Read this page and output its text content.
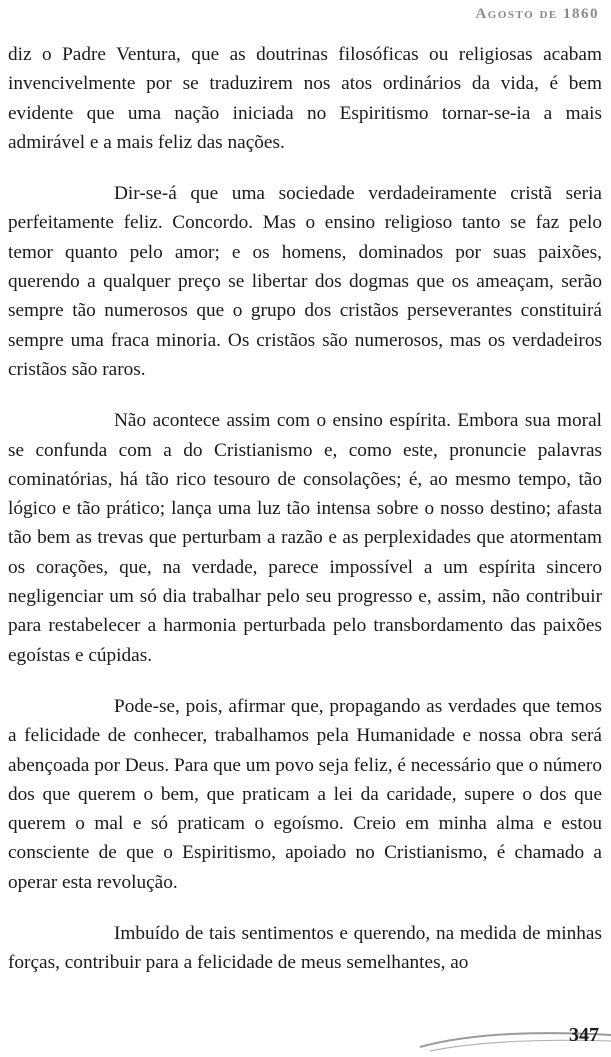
Agosto de 1860

diz o Padre Ventura, que as doutrinas filosóficas ou religiosas acabam invencivelmente por se traduzirem nos atos ordinários da vida, é bem evidente que uma nação iniciada no Espiritismo tornar-se-ia a mais admirável e a mais feliz das nações.

Dir-se-á que uma sociedade verdadeiramente cristã seria perfeitamente feliz. Concordo. Mas o ensino religioso tanto se faz pelo temor quanto pelo amor; e os homens, dominados por suas paixões, querendo a qualquer preço se libertar dos dogmas que os ameaçam, serão sempre tão numerosos que o grupo dos cristãos perseverantes constituirá sempre uma fraca minoria. Os cristãos são numerosos, mas os verdadeiros cristãos são raros.

Não acontece assim com o ensino espírita. Embora sua moral se confunda com a do Cristianismo e, como este, pronuncie palavras cominatórias, há tão rico tesouro de consolações; é, ao mesmo tempo, tão lógico e tão prático; lança uma luz tão intensa sobre o nosso destino; afasta tão bem as trevas que perturbam a razão e as perplexidades que atormentam os corações, que, na verdade, parece impossível a um espírita sincero negligenciar um só dia trabalhar pelo seu progresso e, assim, não contribuir para restabelecer a harmonia perturbada pelo transbordamento das paixões egoístas e cúpidas.

Pode-se, pois, afirmar que, propagando as verdades que temos a felicidade de conhecer, trabalhamos pela Humanidade e nossa obra será abençoada por Deus. Para que um povo seja feliz, é necessário que o número dos que querem o bem, que praticam a lei da caridade, supere o dos que querem o mal e só praticam o egoísmo. Creio em minha alma e estou consciente de que o Espiritismo, apoiado no Cristianismo, é chamado a operar esta revolução.

Imbuído de tais sentimentos e querendo, na medida de minhas forças, contribuir para a felicidade de meus semelhantes, ao

347
